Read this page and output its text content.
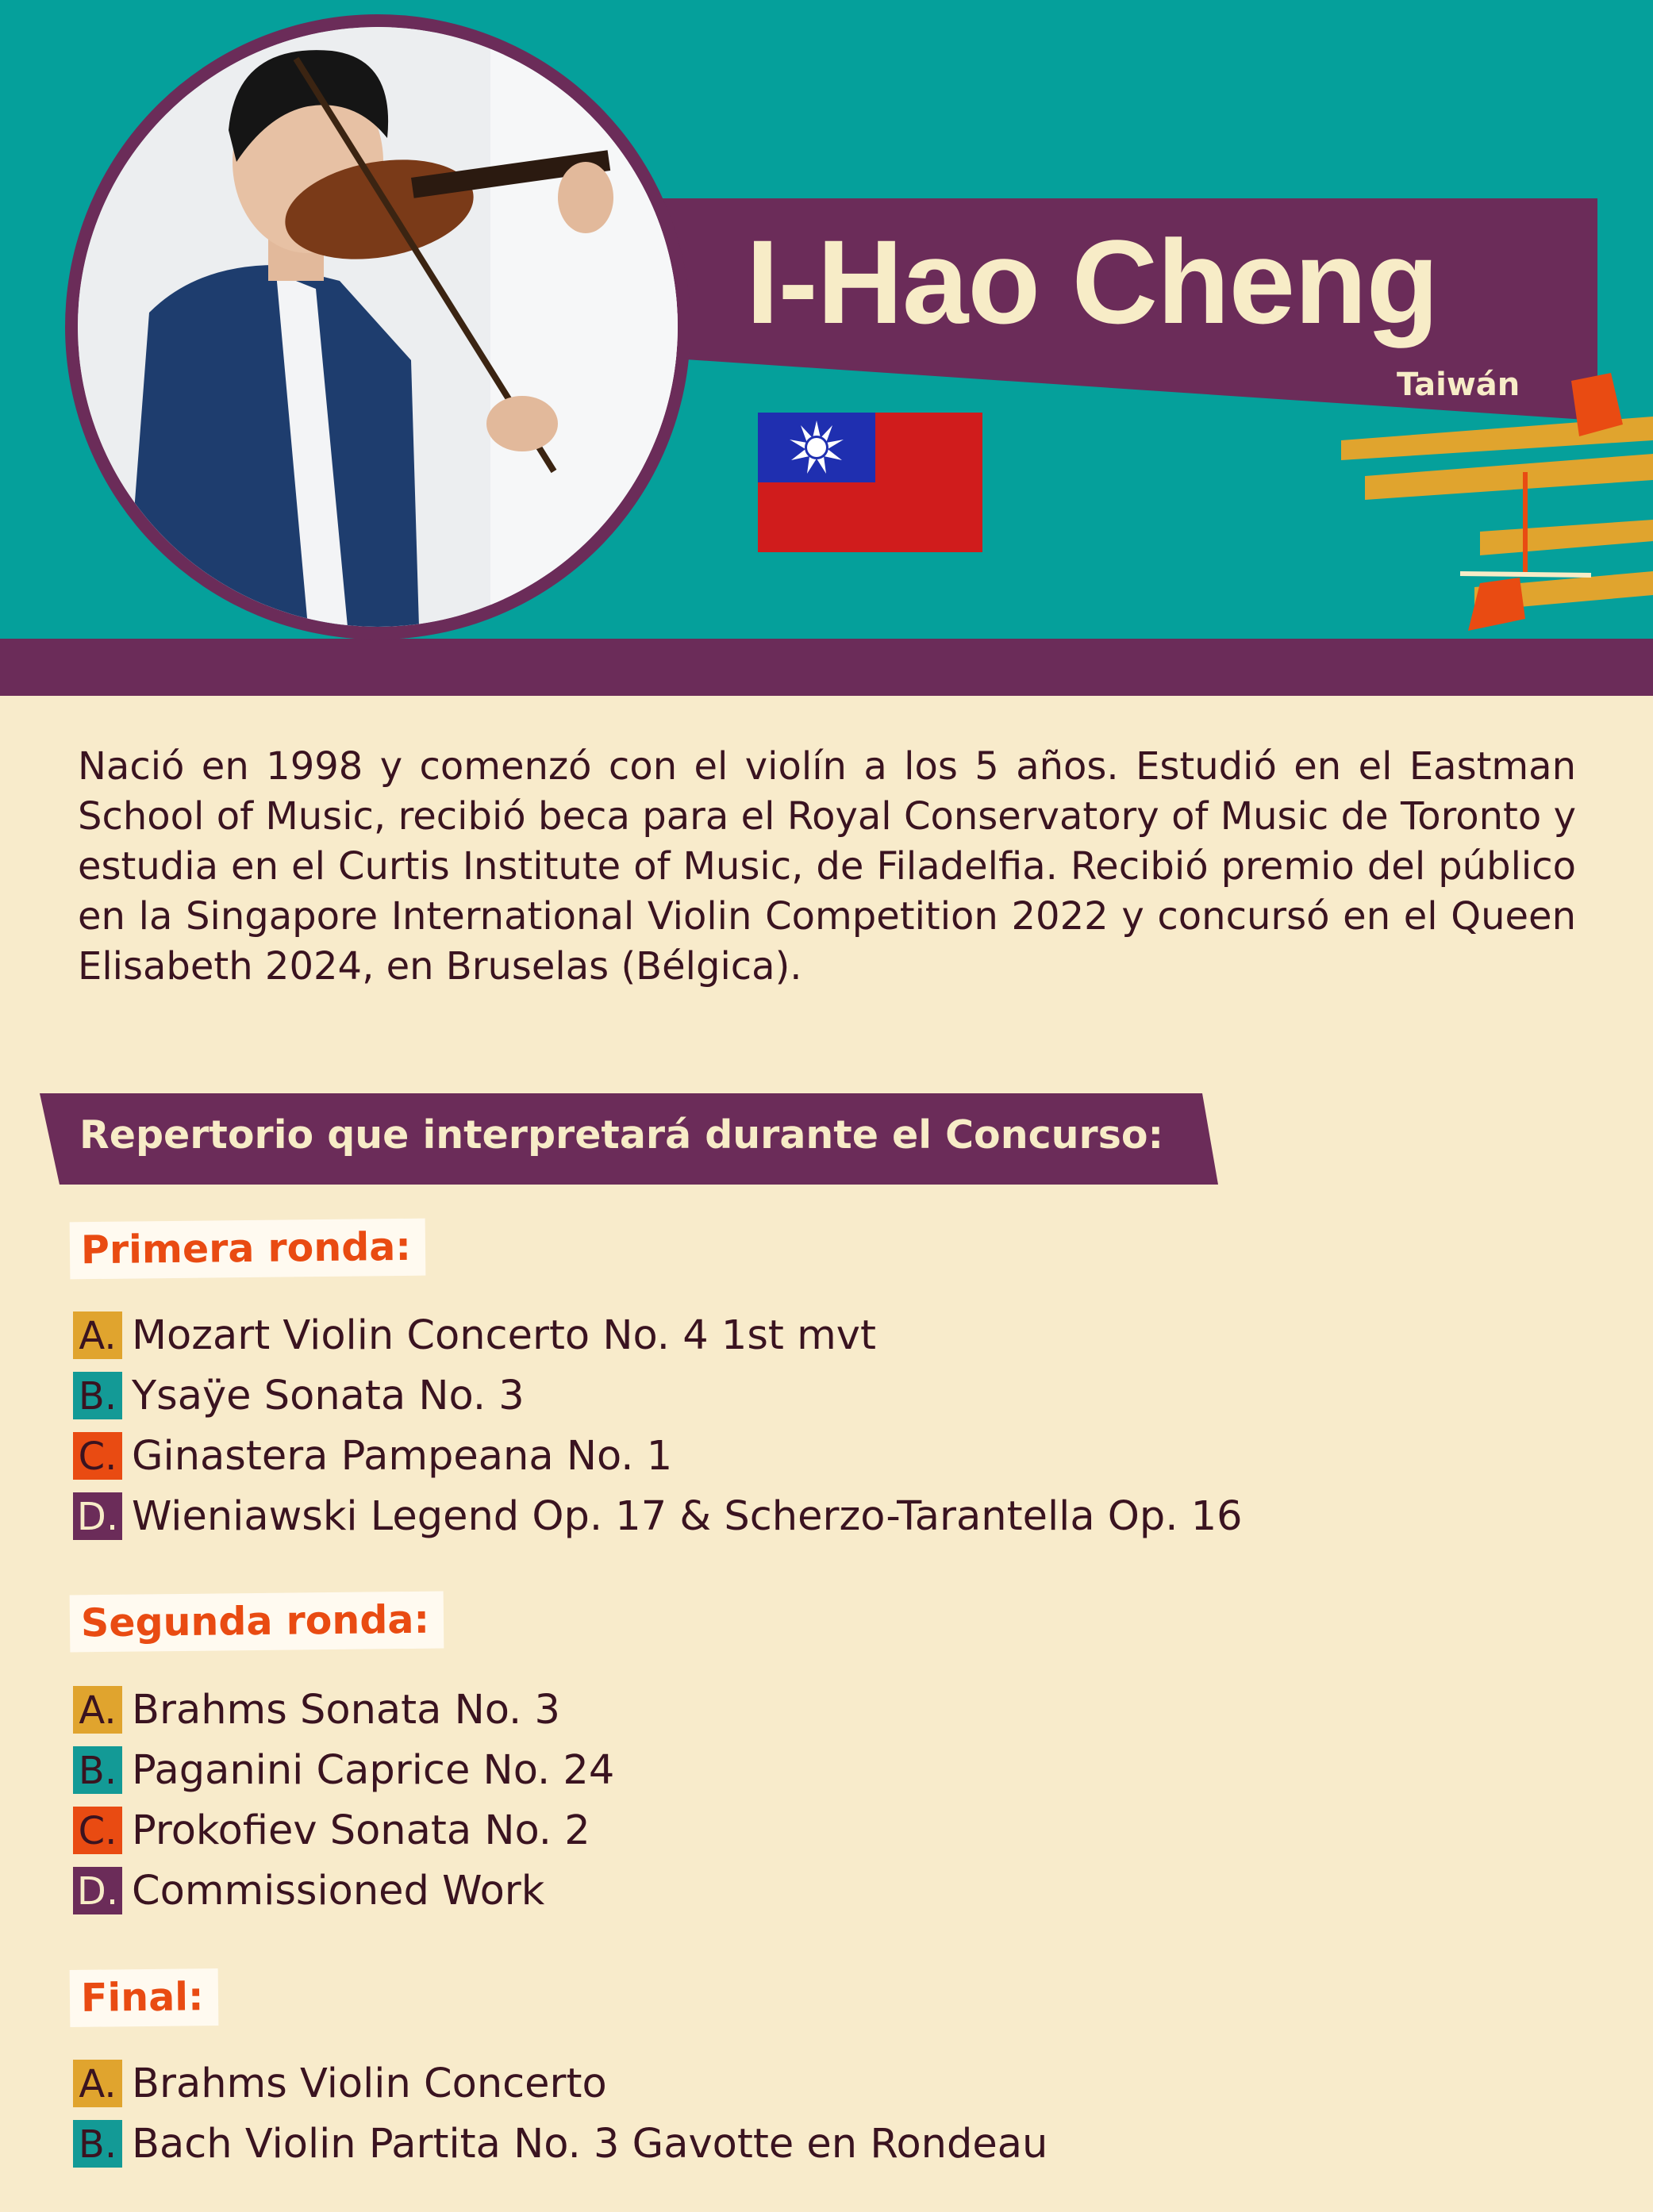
I-Hao Cheng
Taiwán
Nació en 1998 y comenzó con el violín a los 5 años. Estudió en el Eastman School of Music, recibió beca para el Royal Conservatory of Music de Toronto y estudia en el Curtis Institute of Music, de Filadelfia. Recibió premio del público en la Singapore International Violin Competition 2022 y concursó en el Queen Elisabeth 2024, en Bruselas (Bélgica).
Repertorio que interpretará durante el Concurso:
Primera ronda:
A. Mozart Violin Concerto No. 4 1st mvt
B. Ysaÿe Sonata No. 3
C. Ginastera Pampeana No. 1
D. Wieniawski Legend Op. 17 & Scherzo-Tarantella Op. 16
Segunda ronda:
A. Brahms Sonata No. 3
B. Paganini Caprice No. 24
C. Prokofiev Sonata No. 2
D. Commissioned Work
Final:
A. Brahms Violin Concerto
B. Bach Violin Partita No. 3 Gavotte en Rondeau
